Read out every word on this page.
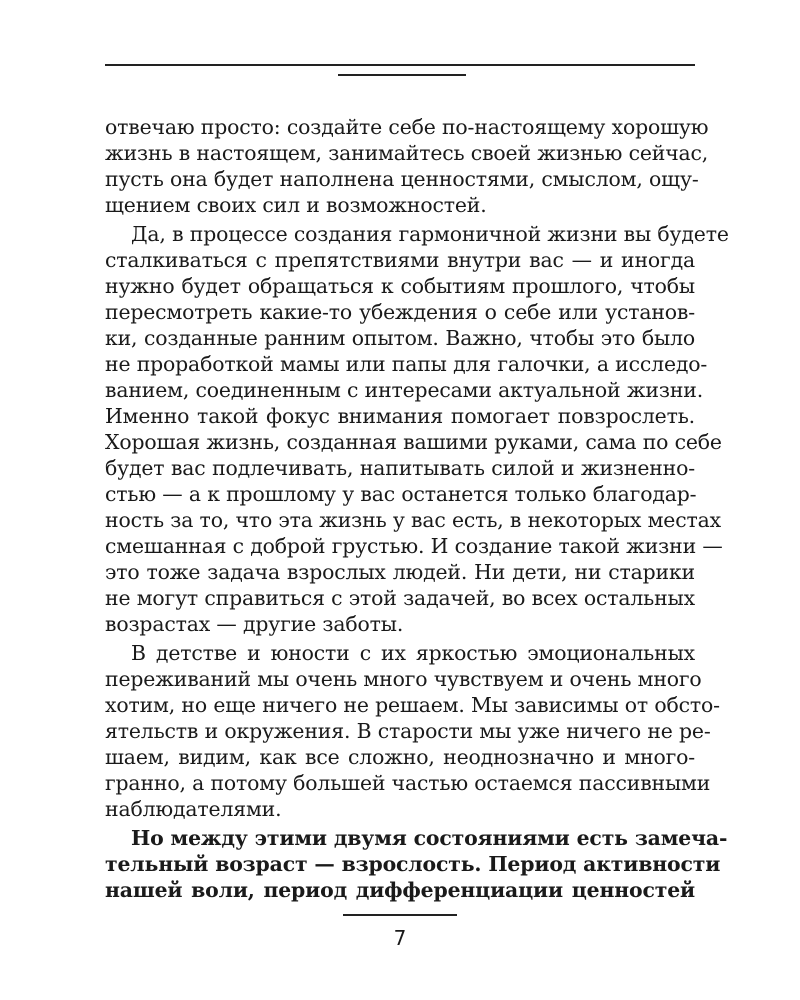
отвечаю просто: создайте себе по-настоящему хорошую
жизнь в настоящем, занимайтесь своей жизнью сейчас,
пусть она будет наполнена ценностями, смыслом, ощу-
щением своих сил и возможностей.
Да, в процессе создания гармоничной жизни вы будете
сталкиваться с препятствиями внутри вас — и иногда
нужно будет обращаться к событиям прошлого, чтобы
пересмотреть какие-то убеждения о себе или установ-
ки, созданные ранним опытом. Важно, чтобы это было
не проработкой мамы или папы для галочки, а исследо-
ванием, соединенным с интересами актуальной жизни.
Именно такой фокус внимания помогает повзрослеть.
Хорошая жизнь, созданная вашими руками, сама по себе
будет вас подлечивать, напитывать силой и жизненно-
стью — а к прошлому у вас останется только благодар-
ность за то, что эта жизнь у вас есть, в некоторых местах
смешанная с доброй грустью. И создание такой жизни —
это тоже задача взрослых людей. Ни дети, ни старики
не могут справиться с этой задачей, во всех остальных
возрастах — другие заботы.
В детстве и юности с их яркостью эмоциональных
переживаний мы очень много чувствуем и очень много
хотим, но еще ничего не решаем. Мы зависимы от обсто-
ятельств и окружения. В старости мы уже ничего не ре-
шаем, видим, как все сложно, неоднозначно и много-
гранно, а потому большей частью остаемся пассивными
наблюдателями.
Но между этими двумя состояниями есть замеча-
тельный возраст — взрослость. Период активности
нашей воли, период дифференциации ценностей
7
